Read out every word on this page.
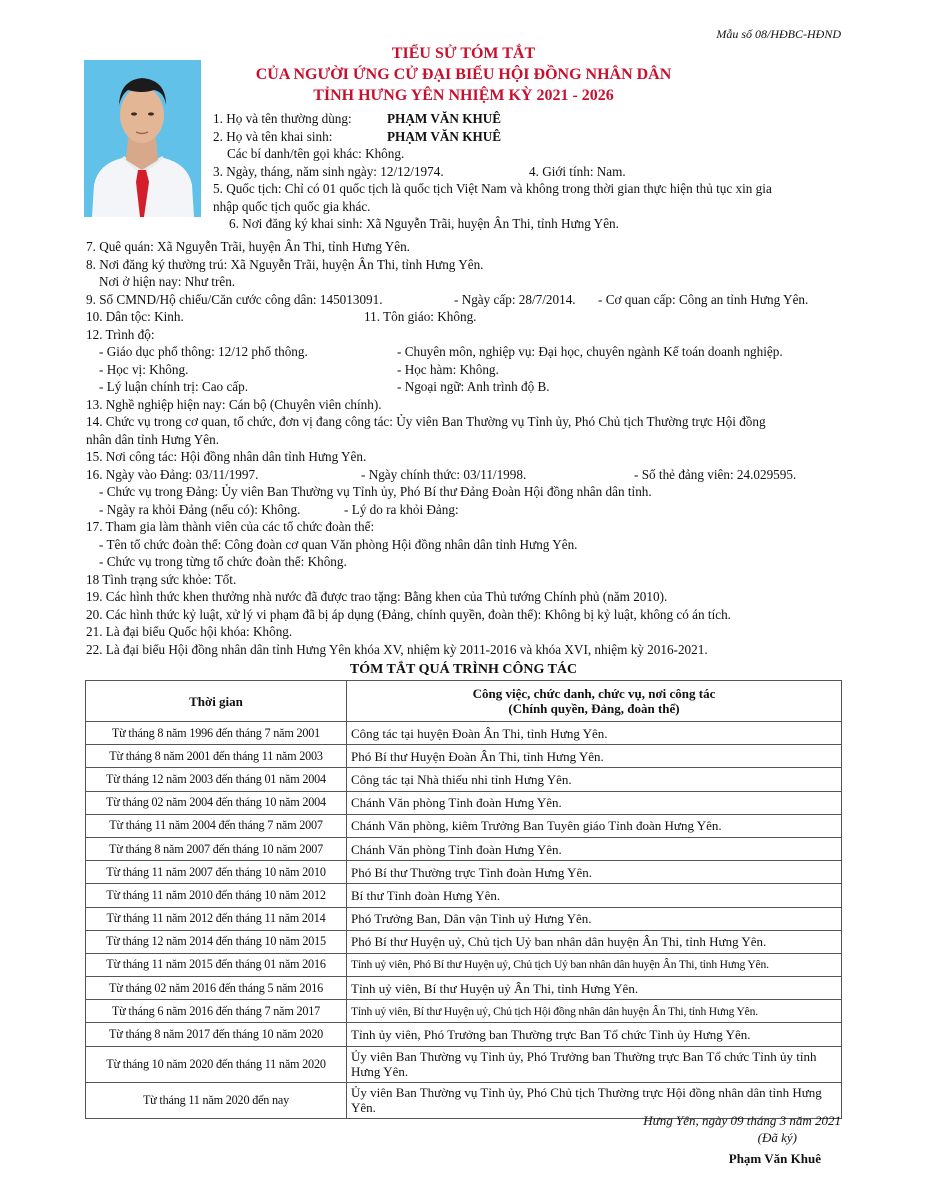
Mẫu số 08/HĐBC-HĐND
TIỂU SỬ TÓM TẮT
CỦA NGƯỜI ỨNG CỬ ĐẠI BIỂU HỘI ĐỒNG NHÂN DÂN
TỈNH HƯNG YÊN NHIỆM KỲ 2021 - 2026
1. Họ và tên thường dùng:	PHẠM VĂN KHUÊ
2. Họ và tên khai sinh:	PHẠM VĂN KHUÊ
Các bí danh/tên gọi khác: Không.
3. Ngày, tháng, năm sinh ngày: 12/12/1974.	4. Giới tính: Nam.
5. Quốc tịch: Chỉ có 01 quốc tịch là quốc tịch Việt Nam và không trong thời gian thực hiện thủ tục xin gia
nhập quốc tịch quốc gia khác.
6. Nơi đăng ký khai sinh: Xã Nguyễn Trãi, huyện Ân Thi, tỉnh Hưng Yên.
7. Quê quán: Xã Nguyễn Trãi, huyện Ân Thi, tỉnh Hưng Yên.
8. Nơi đăng ký thường trú: Xã Nguyễn Trãi, huyện Ân Thi, tỉnh Hưng Yên.
Nơi ở hiện nay: Như trên.
9. Số CMND/Hộ chiếu/Căn cước công dân: 145013091.	- Ngày cấp: 28/7/2014. - Cơ quan cấp: Công an tỉnh Hưng Yên.
10. Dân tộc: Kinh.	11. Tôn giáo: Không.
12. Trình độ:
- Giáo dục phổ thông: 12/12 phổ thông.	- Chuyên môn, nghiệp vụ: Đại học, chuyên ngành Kế toán doanh nghiệp.
- Học vị: Không.	- Học hàm: Không.
- Lý luận chính trị: Cao cấp.	- Ngoại ngữ: Anh trình độ B.
13. Nghề nghiệp hiện nay: Cán bộ (Chuyên viên chính).
14. Chức vụ trong cơ quan, tổ chức, đơn vị đang công tác: Ủy viên Ban Thường vụ Tỉnh ủy, Phó Chủ tịch Thường trực Hội đồng
nhân dân tỉnh Hưng Yên.
15. Nơi công tác: Hội đồng nhân dân tỉnh Hưng Yên.
16. Ngày vào Đảng: 03/11/1997.	- Ngày chính thức: 03/11/1998.	- Số thẻ đảng viên: 24.029595.
- Chức vụ trong Đảng: Ủy viên Ban Thường vụ Tỉnh ủy, Phó Bí thư Đảng Đoàn Hội đồng nhân dân tỉnh.
- Ngày ra khỏi Đảng (nếu có): Không.	- Lý do ra khỏi Đảng:
17. Tham gia làm thành viên của các tổ chức đoàn thể:
- Tên tổ chức đoàn thể: Công đoàn cơ quan Văn phòng Hội đồng nhân dân tỉnh Hưng Yên.
- Chức vụ trong từng tổ chức đoàn thể: Không.
18 Tình trạng sức khỏe: Tốt.
19. Các hình thức khen thưởng nhà nước đã được trao tặng: Bằng khen của Thủ tướng Chính phủ (năm 2010).
20. Các hình thức kỷ luật, xử lý vi phạm đã bị áp dụng (Đảng, chính quyền, đoàn thể): Không bị kỷ luật, không có án tích.
21. Là đại biểu Quốc hội khóa: Không.
22. Là đại biểu Hội đồng nhân dân tỉnh Hưng Yên khóa XV, nhiệm kỳ 2011-2016 và khóa XVI, nhiệm kỳ 2016-2021.
TÓM TẮT QUÁ TRÌNH CÔNG TÁC
Thời gian	Công việc, chức danh, chức vụ, nơi công tác
(Chính quyền, Đảng, đoàn thể)

Từ tháng 8 năm 1996 đến tháng 7 năm 2001	Công tác tại huyện Đoàn Ân Thi, tỉnh Hưng Yên.
Từ tháng 8 năm 2001 đến tháng 11 năm 2003	Phó Bí thư Huyện Đoàn Ân Thi, tỉnh Hưng Yên.
Từ tháng 12 năm 2003 đến tháng 01 năm 2004	Công tác tại Nhà thiếu nhi tỉnh Hưng Yên.
Từ tháng 02 năm 2004 đến tháng 10 năm 2004	Chánh Văn phòng Tỉnh đoàn Hưng Yên.
Từ tháng 11 năm 2004 đến tháng 7 năm 2007	Chánh Văn phòng, kiêm Trưởng Ban Tuyên giáo Tỉnh đoàn Hưng Yên.
Từ tháng 8 năm 2007 đến tháng 10 năm 2007	Chánh Văn phòng Tỉnh đoàn Hưng Yên.
Từ tháng 11 năm 2007 đến tháng 10 năm 2010	Phó Bí thư Thường trực Tỉnh đoàn Hưng Yên.
Từ tháng 11 năm 2010 đến tháng 10 năm 2012	Bí thư Tỉnh đoàn Hưng Yên.
Từ tháng 11 năm 2012 đến tháng 11 năm 2014	Phó Trưởng Ban, Dân vận Tỉnh uỷ Hưng Yên.
Từ tháng 12 năm 2014 đến tháng 10 năm 2015	Phó Bí thư Huyện uỷ, Chủ tịch Uỷ ban nhân dân huyện Ân Thi, tỉnh Hưng Yên.
Từ tháng 11 năm 2015 đến tháng 01 năm 2016	Tỉnh uỷ viên, Phó Bí thư Huyện uỷ, Chủ tịch Uỷ ban nhân dân huyện Ân Thi, tỉnh Hưng Yên.
Từ tháng 02 năm 2016 đến tháng 5 năm 2016	Tỉnh uỷ viên, Bí thư Huyện uỷ Ân Thi, tỉnh Hưng Yên.
Từ tháng 6 năm 2016 đến tháng 7 năm 2017	Tỉnh uỷ viên, Bí thư Huyện uỷ, Chủ tịch Hội đồng nhân dân huyện Ân Thi, tỉnh Hưng Yên.
Từ tháng 8 năm 2017 đến tháng 10 năm 2020	Tỉnh ủy viên, Phó Trưởng ban Thường trực Ban Tổ chức Tỉnh ủy Hưng Yên.
Từ tháng 10 năm 2020 đến tháng 11 năm 2020	Ủy viên Ban Thường vụ Tỉnh ủy, Phó Trưởng ban Thường trực Ban Tổ chức Tỉnh ủy tỉnh Hưng Yên.
Từ tháng 11 năm 2020 đến nay	Ủy viên Ban Thường vụ Tỉnh ủy, Phó Chủ tịch Thường trực Hội đồng nhân dân tỉnh Hưng Yên.
Hưng Yên, ngày 09 tháng 3 năm 2021
(Đã ký)
Phạm Văn Khuê
